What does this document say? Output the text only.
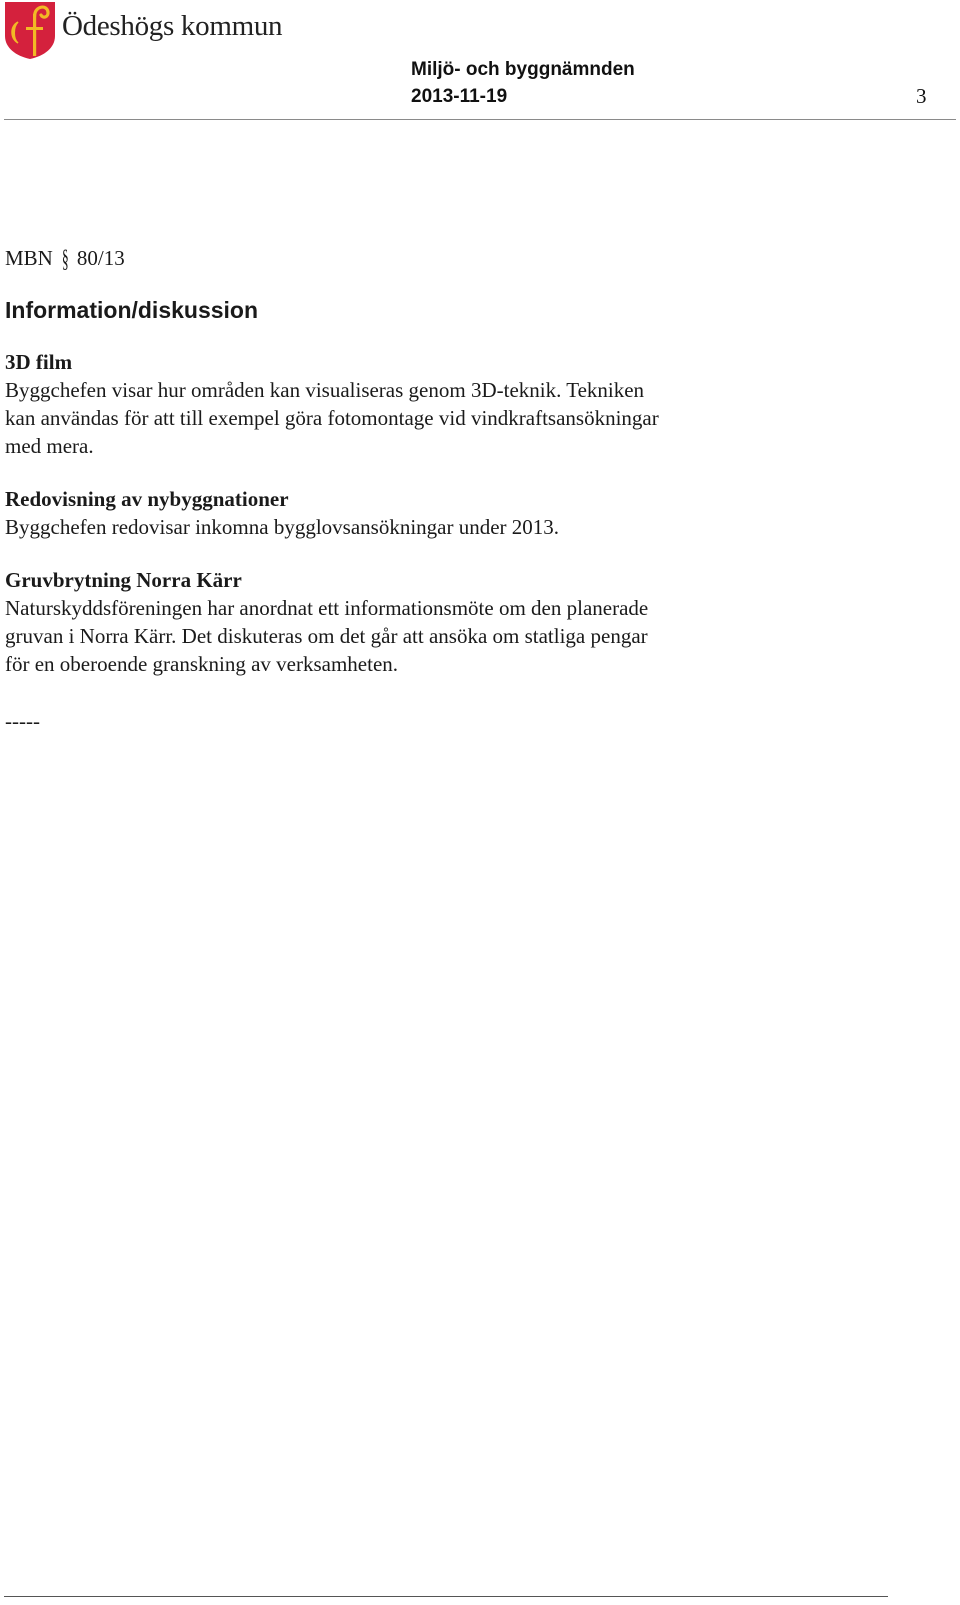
Ödeshögs kommun
Miljö- och byggnämnden
2013-11-19	3
MBN § 80/13
Information/diskussion
3D film
Byggchefen visar hur områden kan visualiseras genom 3D-teknik. Tekniken
kan användas för att till exempel göra fotomontage vid vindkraftsansökningar
med mera.
Redovisning av nybyggnationer
Byggchefen redovisar inkomna bygglovsansökningar under 2013.
Gruvbrytning Norra Kärr
Naturskyddsföreningen har anordnat ett informationsmöte om den planerade
gruvan i Norra Kärr. Det diskuteras om det går att ansöka om statliga pengar
för en oberoende granskning av verksamheten.
-----
